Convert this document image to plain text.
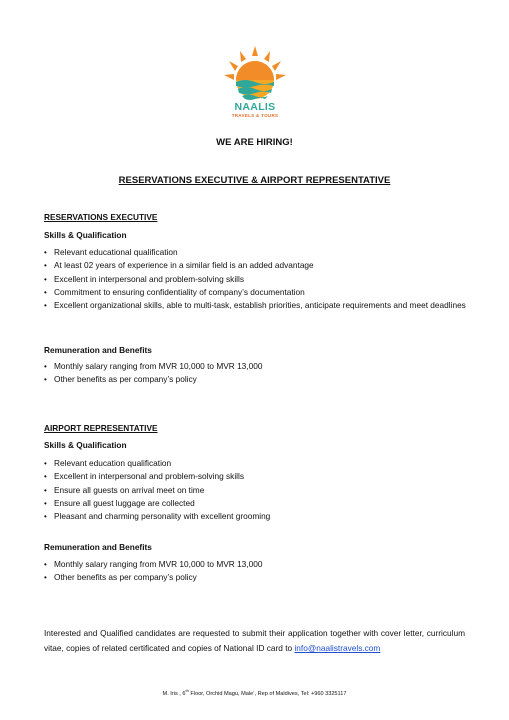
NAALIS
TRAVELS & TOURS
WE ARE HIRING!
RESERVATIONS EXECUTIVE & AIRPORT REPRESENTATIVE
RESERVATIONS EXECUTIVE
Skills & Qualification
• Relevant educational qualification
• At least 02 years of experience in a similar field is an added advantage
• Excellent in interpersonal and problem-solving skills
• Commitment to ensuring confidentiality of company’s documentation
• Excellent organizational skills, able to multi-task, establish priorities, anticipate requirements and meet deadlines
Remuneration and Benefits
• Monthly salary ranging from MVR 10,000 to MVR 13,000
• Other benefits as per company’s policy
AIRPORT REPRESENTATIVE
Skills & Qualification
• Relevant education qualification
• Excellent in interpersonal and problem-solving skills
• Ensure all guests on arrival meet on time
• Ensure all guest luggage are collected
• Pleasant and charming personality with excellent grooming
Remuneration and Benefits
• Monthly salary ranging from MVR 10,000 to MVR 13,000
• Other benefits as per company’s policy
Interested and Qualified candidates are requested to submit their application together with cover letter, curriculum vitae, copies of related certificated and copies of National ID card to info@naalistravels.com
M. Iris , 6th Floor, Orchid Magu, Male’, Rep of Maldives, Tel: +960 3325117
